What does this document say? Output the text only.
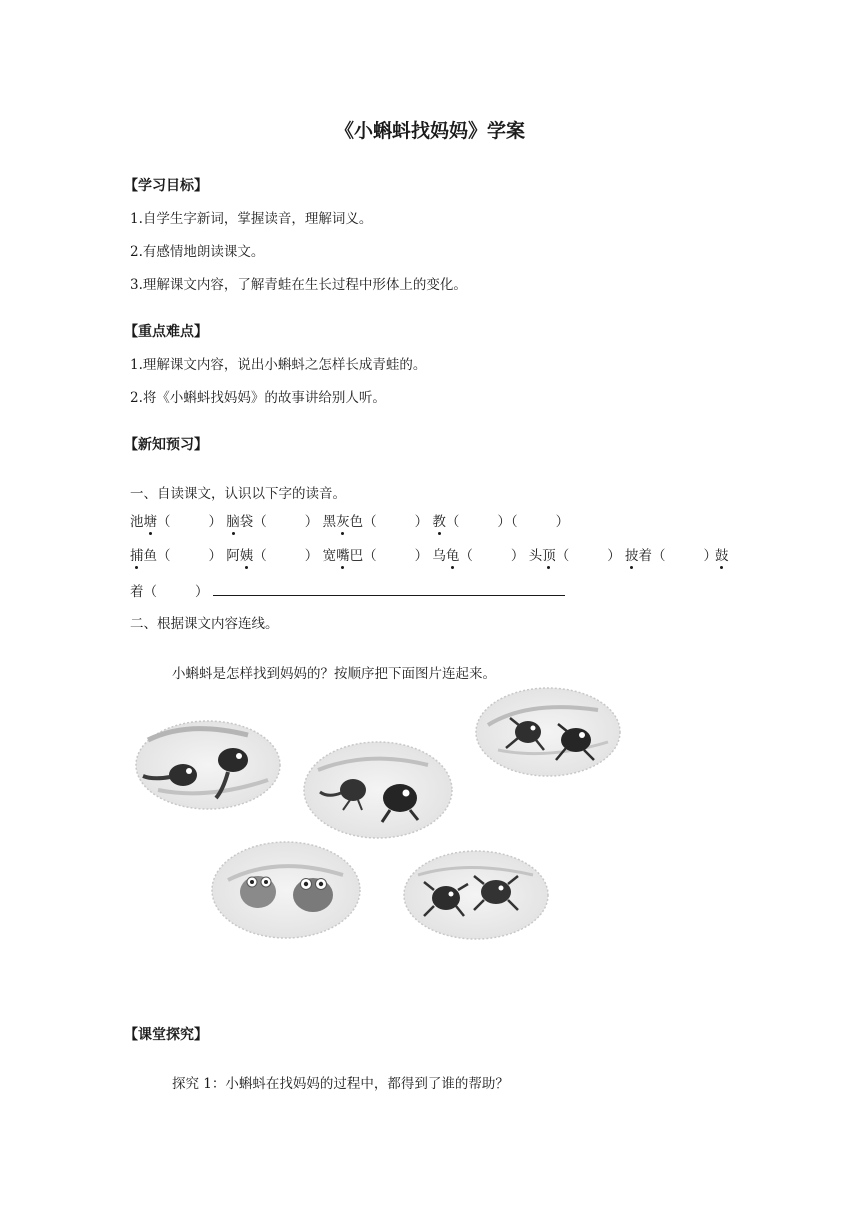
《小蝌蚪找妈妈》学案
【学习目标】
1.自学生字新词，掌握读音，理解词义。
2.有感情地朗读课文。
3.理解课文内容，了解青蛙在生长过程中形体上的变化。
【重点难点】
1.理解课文内容，说出小蝌蚪之怎样长成青蛙的。
2.将《小蝌蚪找妈妈》的故事讲给别人听。
【新知预习】
一、自读课文，认识以下字的读音。
池塘（	） 脑袋（	） 黑灰色（	） 教（	）（	）
捕鱼（	） 阿姨（	） 宽嘴巴（	） 乌龟（	） 头顶（	） 披着（	）
鼓
着（	）
二、根据课文内容连线。
小蝌蚪是怎样找到妈妈的？按顺序把下面图片连起来。
【课堂探究】
探究 1：小蝌蚪在找妈妈的过程中，都得到了谁的帮助？
